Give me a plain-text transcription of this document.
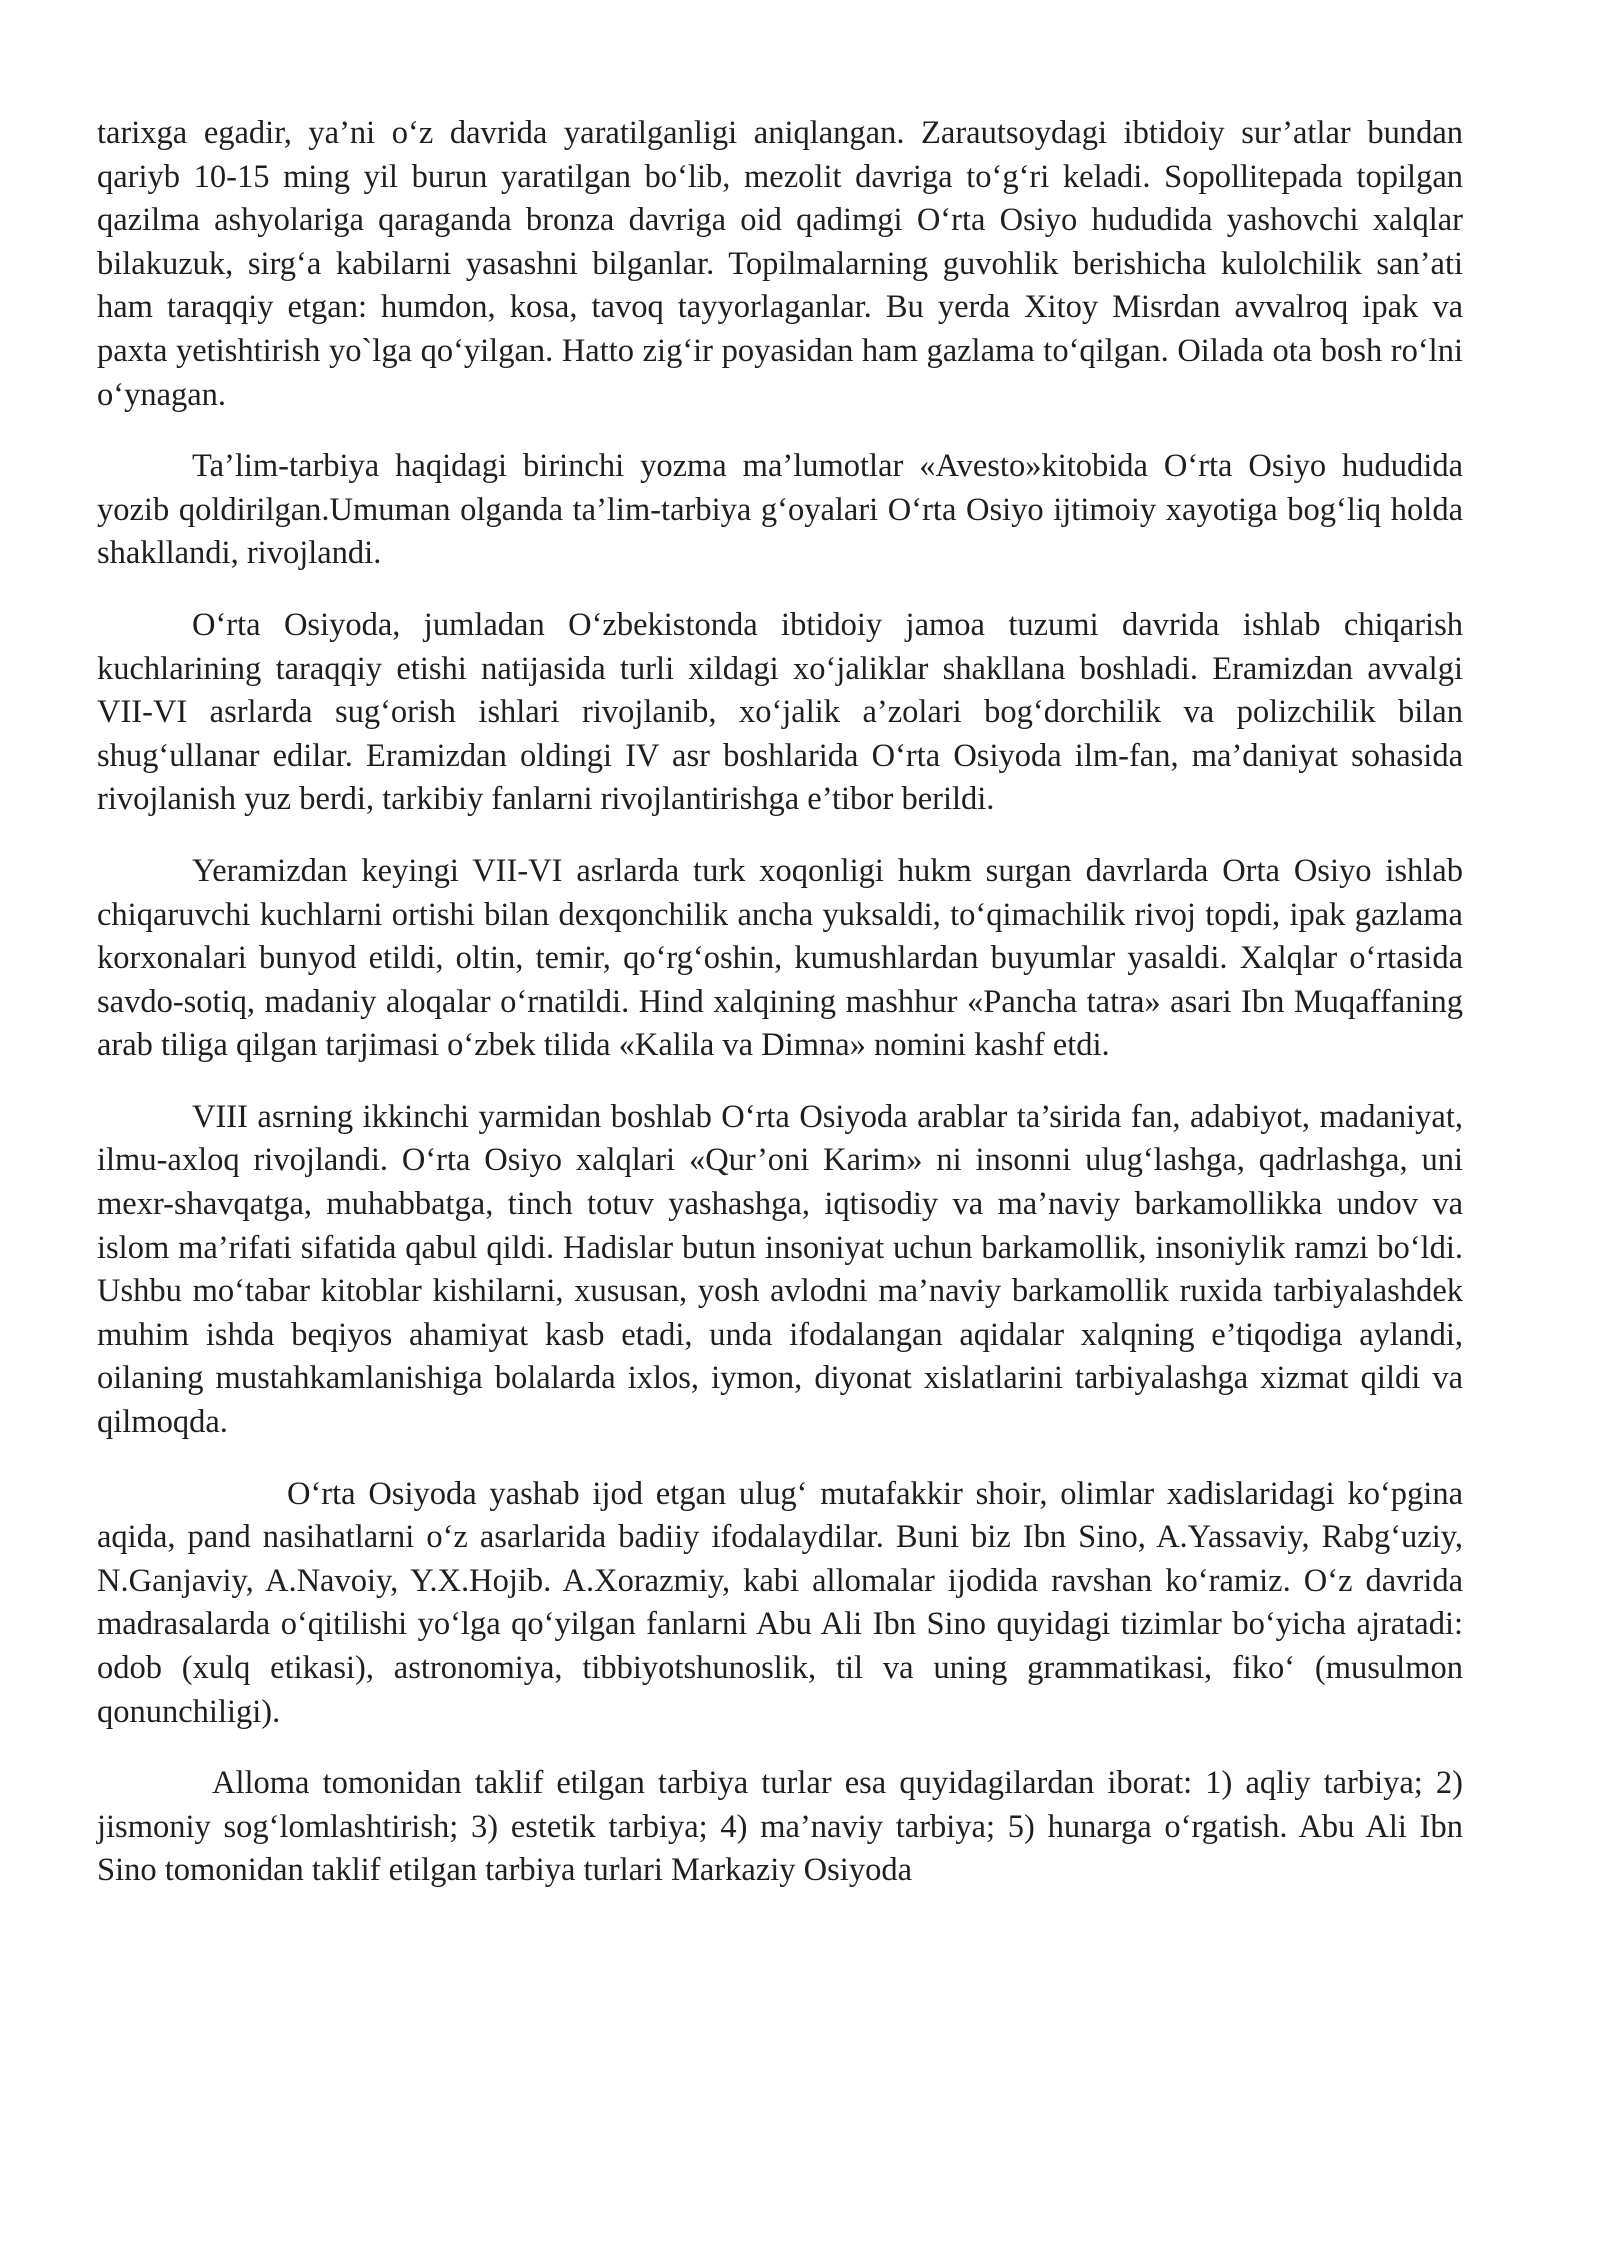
tarixga egadir, ya’ni o‘z davrida yaratilganligi aniqlangan. Zarautsoydagi ibtidoiy sur’atlar bundan qariyb 10-15 ming yil burun yaratilgan bo‘lib, mezolit davriga to‘g‘ri keladi. Sopollitepada topilgan qazilma ashyolariga qaraganda bronza davriga oid qadimgi O‘rta Osiyo hududida yashovchi xalqlar bilakuzuk, sirg‘a kabilarni yasashni bilganlar. Topilmalarning guvohlik berishicha kulolchilik san’ati ham taraqqiy etgan: humdon, kosa, tavoq tayyorlaganlar. Bu yerda Xitoy Misrdan avvalroq ipak va paxta yetishtirish yo`lga qo‘yilgan. Hatto zig‘ir poyasidan ham gazlama to‘qilgan. Oilada ota bosh ro‘lni o‘ynagan.

Ta’lim-tarbiya haqidagi birinchi yozma ma’lumotlar «Avesto»kitobida O‘rta Osiyo hududida yozib qoldirilgan.Umuman olganda ta’lim-tarbiya g‘oyalari O‘rta Osiyo ijtimoiy xayotiga bog‘liq holda shakllandi, rivojlandi.

O‘rta Osiyoda, jumladan O‘zbekistonda ibtidoiy jamoa tuzumi davrida ishlab chiqarish kuchlarining taraqqiy etishi natijasida turli xildagi xo‘jaliklar shakllana boshladi. Eramizdan avvalgi VII-VI asrlarda sug‘orish ishlari rivojlanib, xo‘jalik a’zolari bog‘dorchilik va polizchilik bilan shug‘ullanar edilar. Eramizdan oldingi IV asr boshlarida O‘rta Osiyoda ilm-fan, ma’daniyat sohasida rivojlanish yuz berdi, tarkibiy fanlarni rivojlantirishga e’tibor berildi.

Yeramizdan keyingi VII-VI asrlarda turk xoqonligi hukm surgan davrlarda Orta Osiyo ishlab chiqaruvchi kuchlarni ortishi bilan dexqonchilik ancha yuksaldi, to‘qimachilik rivoj topdi, ipak gazlama korxonalari bunyod etildi, oltin, temir, qo‘rg‘oshin, kumushlardan buyumlar yasaldi. Xalqlar o‘rtasida savdo-sotiq, madaniy aloqalar o‘rnatildi. Hind xalqining mashhur «Pancha tatra» asari Ibn Muqaffaning arab tiliga qilgan tarjimasi o‘zbek tilida «Kalila va Dimna» nomini kashf etdi.

VIII asrning ikkinchi yarmidan boshlab O‘rta Osiyoda arablar ta’sirida fan, adabiyot, madaniyat, ilmu-axloq rivojlandi. O‘rta Osiyo xalqlari «Qur’oni Karim» ni insonni ulug‘lashga, qadrlashga, uni mexr-shavqatga, muhabbatga, tinch totuv yashashga, iqtisodiy va ma’naviy barkamollikka undov va islom ma’rifati sifatida qabul qildi. Hadislar butun insoniyat uchun barkamollik, insoniylik ramzi bo‘ldi. Ushbu mo‘tabar kitoblar kishilarni, xususan, yosh avlodni ma’naviy barkamollik ruxida tarbiyalashdek muhim ishda beqiyos ahamiyat kasb etadi, unda ifodalangan aqidalar xalqning e’tiqodiga aylandi, oilaning mustahkamlanishiga bolalarda ixlos, iymon, diyonat xislatlarini tarbiyalashga xizmat qildi va qilmoqda.

O‘rta Osiyoda yashab ijod etgan ulug‘ mutafakkir shoir, olimlar xadislaridagi ko‘pgina aqida, pand nasihatlarni o‘z asarlarida badiiy ifodalaydilar. Buni biz Ibn Sino, A.Yassaviy, Rabg‘uziy, N.Ganjaviy, A.Navoiy, Y.X.Hojib. A.Xorazmiy, kabi allomalar ijodida ravshan ko‘ramiz. O‘z davrida madrasalarda o‘qitilishi yo‘lga qo‘yilgan fanlarni Abu Ali Ibn Sino quyidagi tizimlar bo‘yicha ajratadi: odob (xulq etikasi), astronomiya, tibbiyotshunoslik, til va uning grammatikasi, fiko‘ (musulmon qonunchiligi).

Alloma tomonidan taklif etilgan tarbiya turlar esa quyidagilardan iborat: 1) aqliy tarbiya; 2) jismoniy sog‘lomlashtirish; 3) estetik tarbiya; 4) ma’naviy tarbiya; 5) hunarga o‘rgatish. Abu Ali Ibn Sino tomonidan taklif etilgan tarbiya turlari Markaziy Osiyoda
